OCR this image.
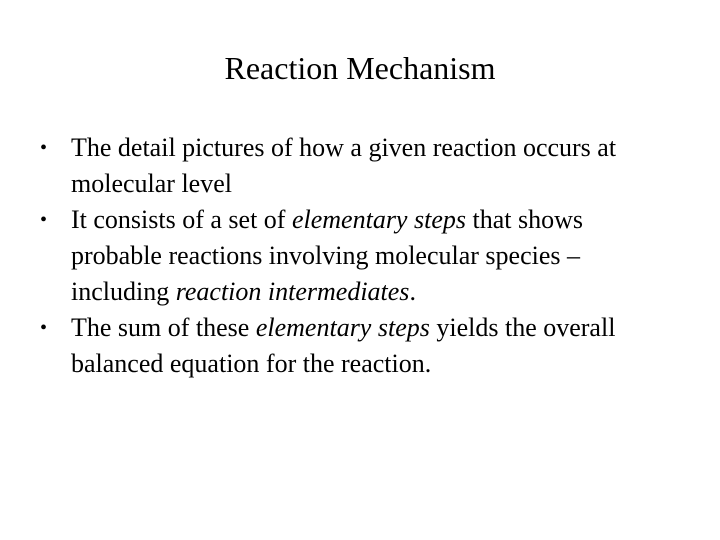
Reaction Mechanism
• The detail pictures of how a given reaction occurs at molecular level
• It consists of a set of elementary steps that shows probable reactions involving molecular species – including reaction intermediates.
• The sum of these elementary steps yields the overall balanced equation for the reaction.
